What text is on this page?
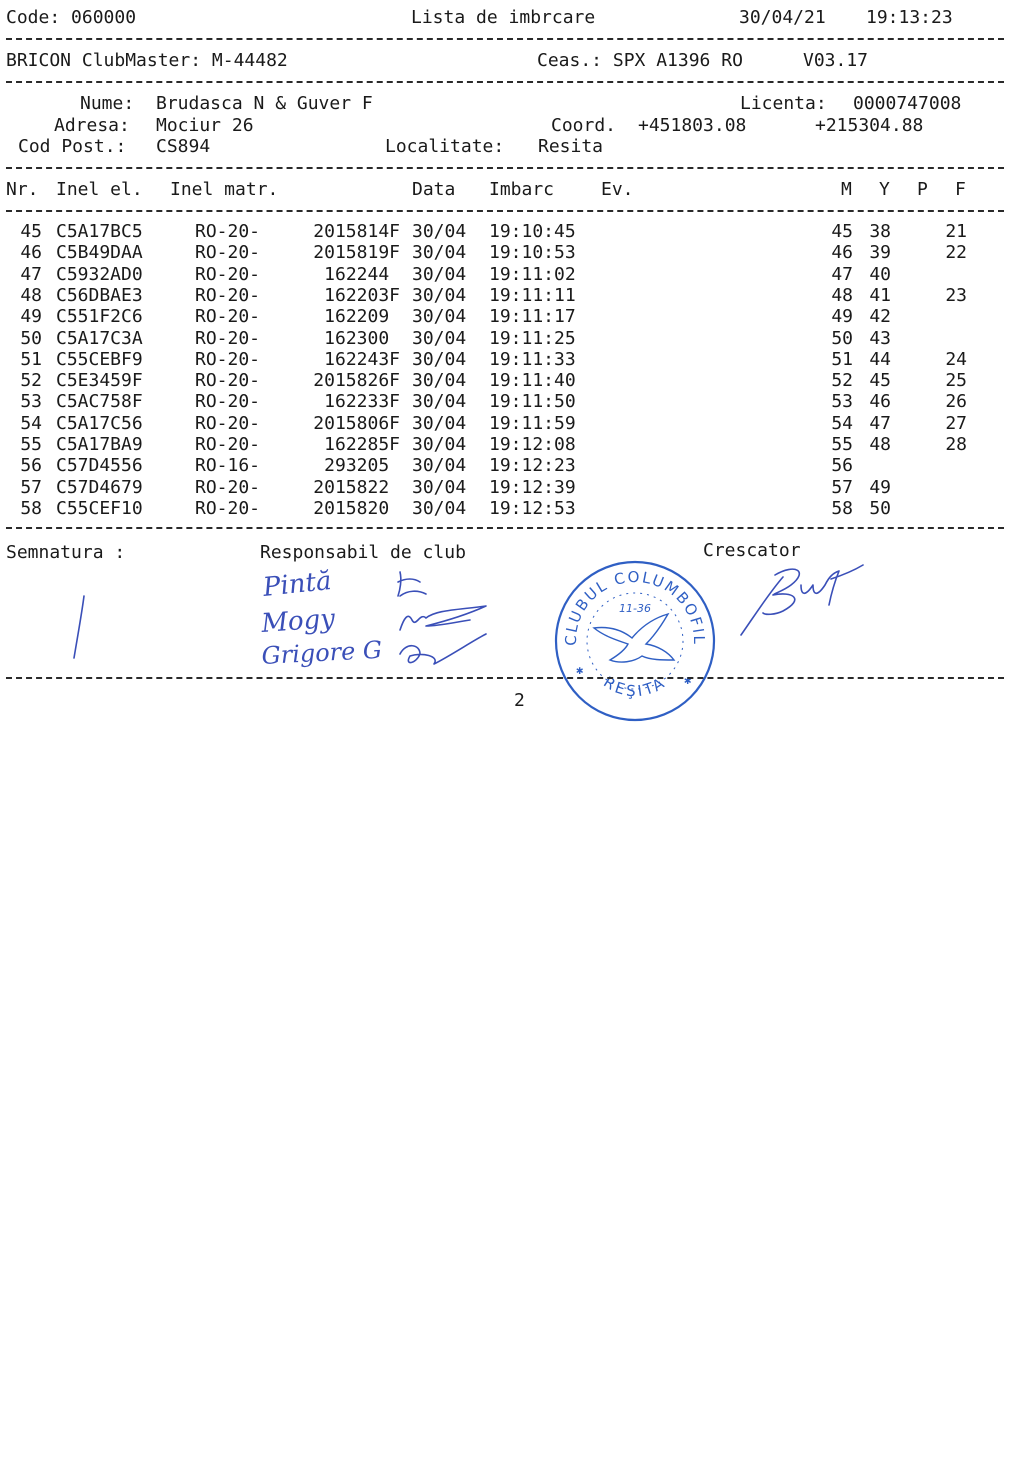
Code: 060000	Lista de imbrcare	30/04/21 19:13:23
BRICON ClubMaster: M-44482	Ceas.: SPX A1396 RO	V03.17
Nume: Brudasca N & Guver F	Licenta: 0000747008
Adresa: Mociur 26	Coord. +451803.08	+215304.88
Cod Post.: CS894	Localitate: Resita
Nr. Inel el. Inel matr.	Data Imbarc	Ev.	M Y P F
45 C5A17BC5	RO-20-	2015814F 30/04	19:10:45	45 38	21
46 C5B49DAA	RO-20-	2015819F 30/04	19:10:53	46 39	22
47 C5932AD0	RO-20-	162244 30/04	19:11:02	47 40
48 C56DBAE3	RO-20-	162203F 30/04	19:11:11	48 41	23
49 C551F2C6	RO-20-	162209 30/04	19:11:17	49 42
50 C5A17C3A	RO-20-	162300 30/04	19:11:25	50 43
51 C55CEBF9	RO-20-	162243F 30/04	19:11:33	51 44	24
52 C5E3459F	RO-20-	2015826F 30/04	19:11:40	52 45	25
53 C5AC758F	RO-20-	162233F 30/04	19:11:50	53 46	26
54 C5A17C56	RO-20-	2015806F 30/04	19:11:59	54 47	27
55 C5A17BA9	RO-20-	162285F 30/04	19:12:08	55 48	28
56 C57D4556	RO-16-	293205 30/04	19:12:23	56
57 C57D4679	RO-20-	2015822 30/04	19:12:39	57 49
58 C55CEF10	RO-20-	2015820 30/04	19:12:53	58 50
Semnatura :	Responsabil de club	Crescator
Pintă
Mogy
Grigore G	CLUBUL COLUMBOFIL
11-36
REŞITA
✱
✱
2
